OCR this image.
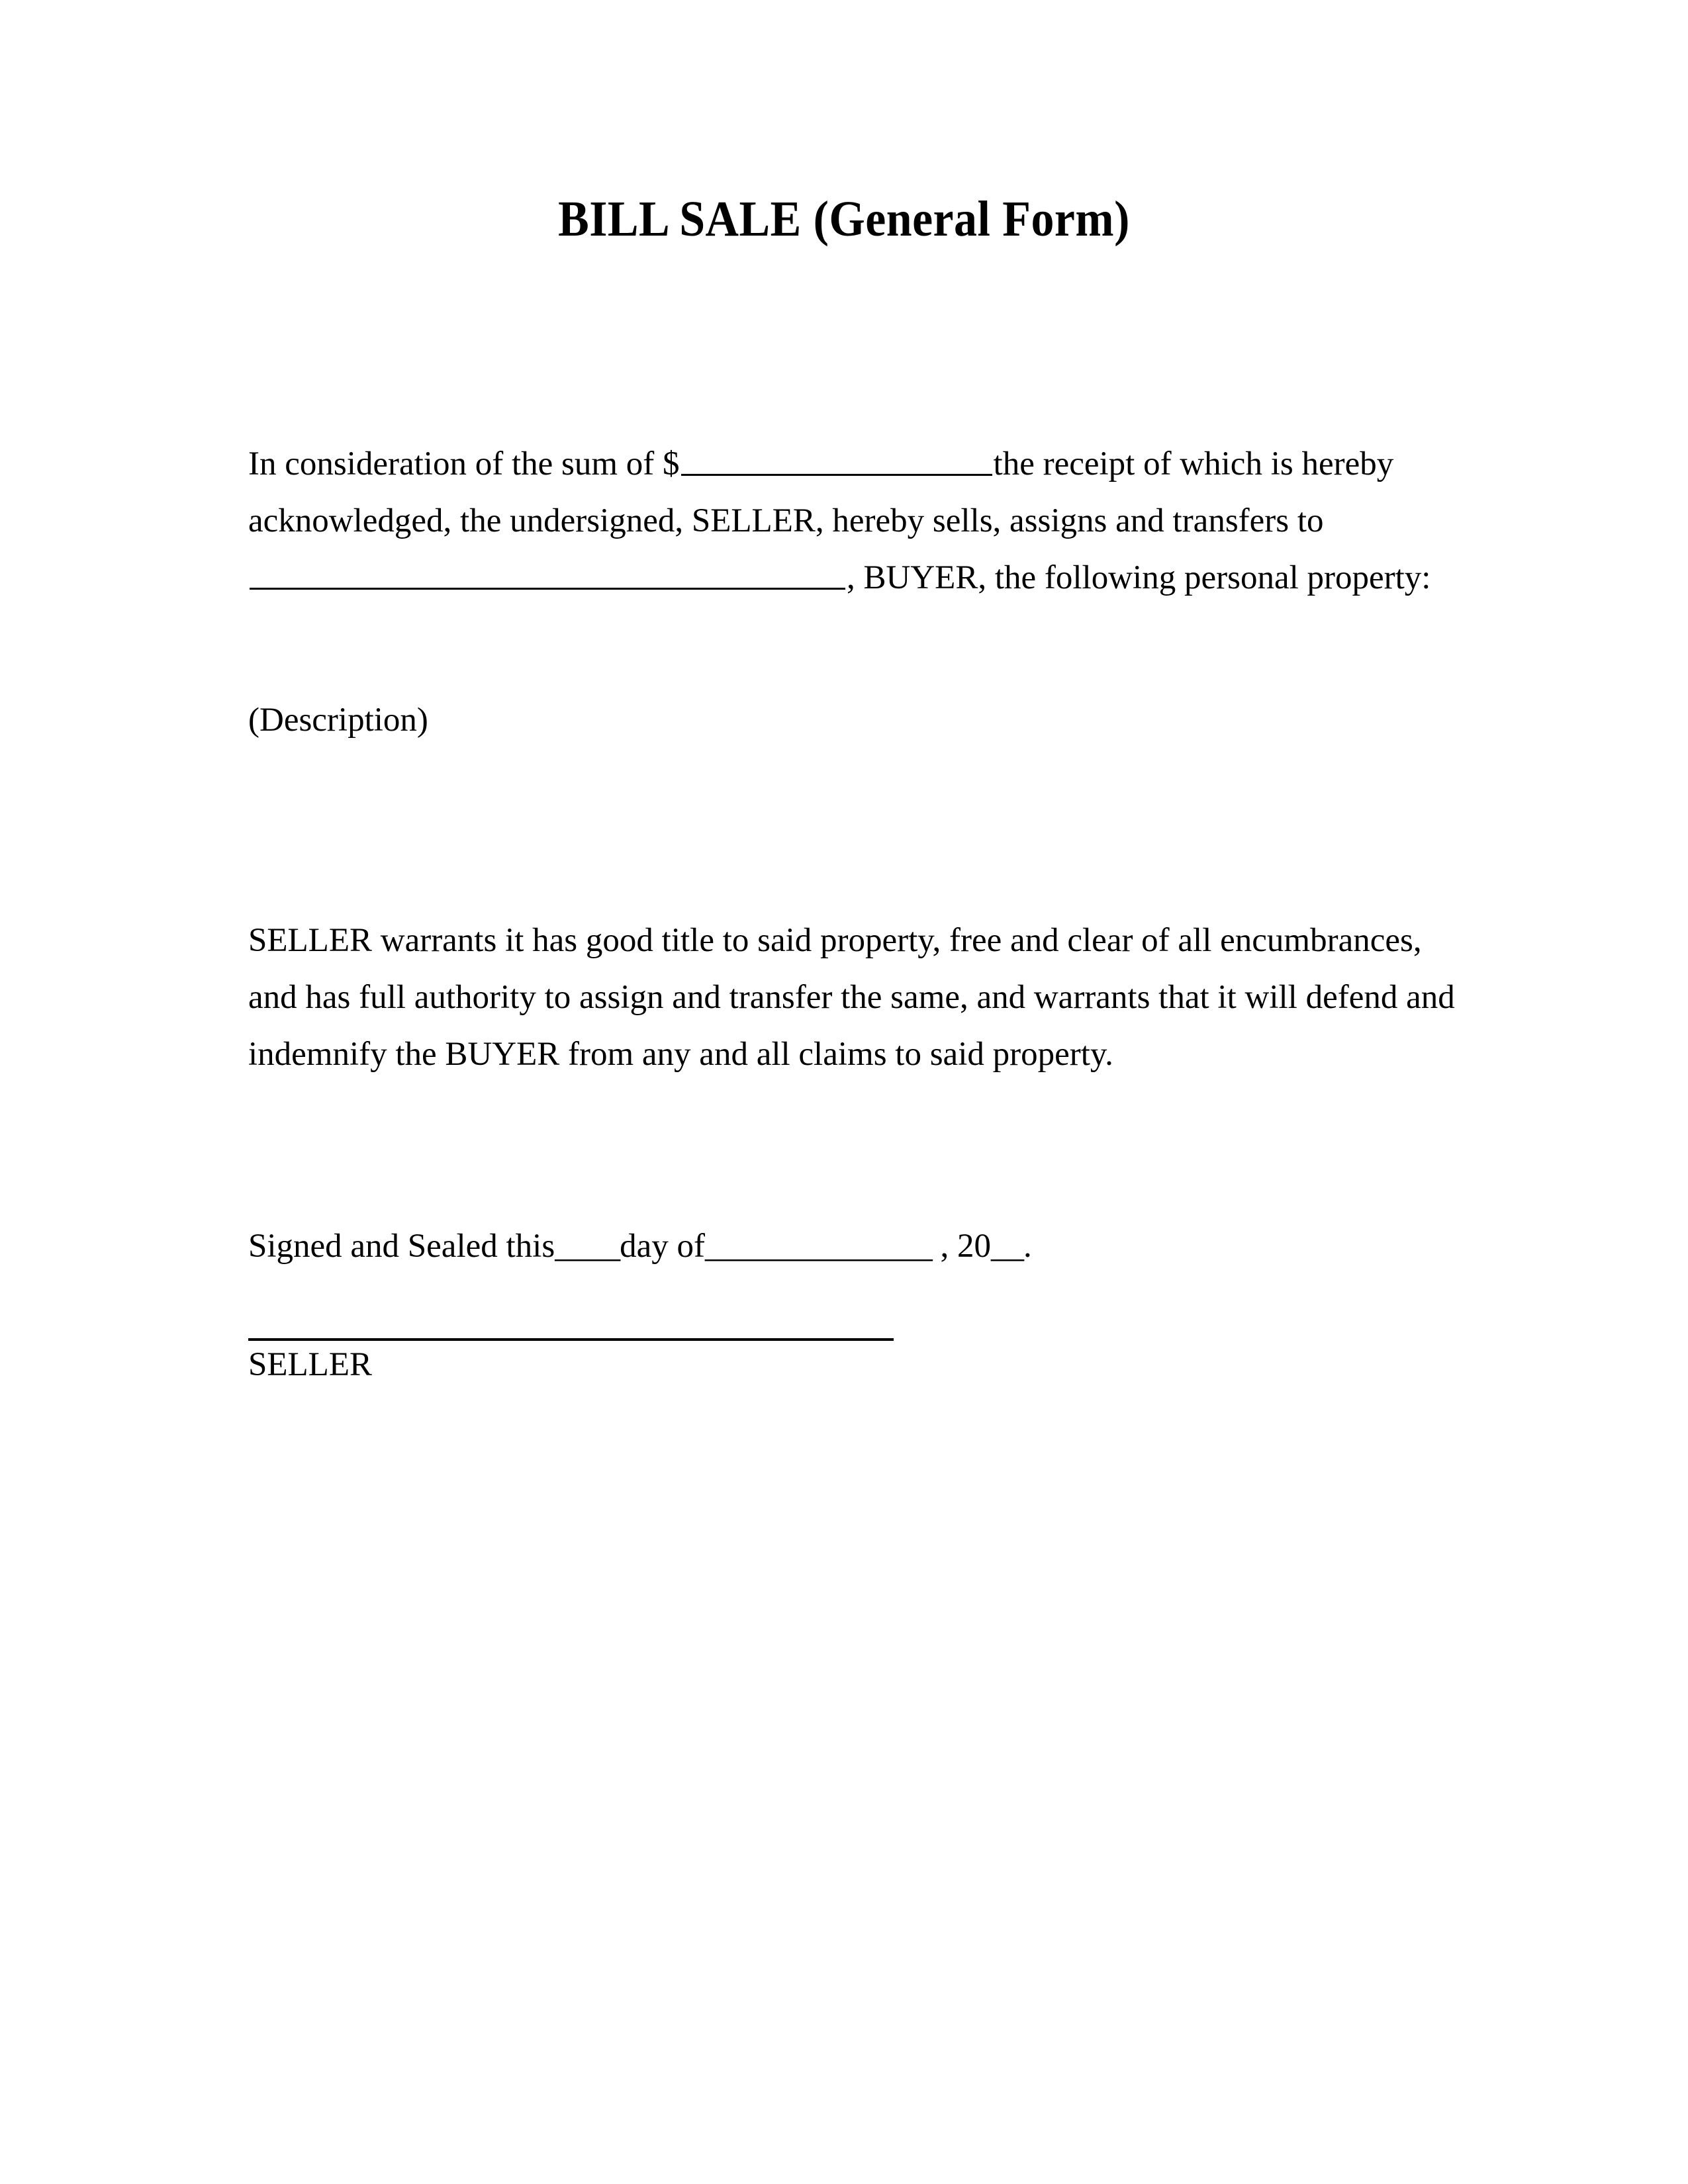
BILL SALE (General Form)
In consideration of the sum of $	the receipt of which is hereby
acknowledged, the undersigned, SELLER, hereby sells, assigns and transfers to
, BUYER, the following personal property:
(Description)
SELLER warrants it has good title to said property, free and clear of all encumbrances,
and has full authority to assign and transfer the same, and warrants that it will defend and
indemnify the BUYER from any and all claims to said property.
Signed and Sealed this____day of______________ , 20__.
SELLER
